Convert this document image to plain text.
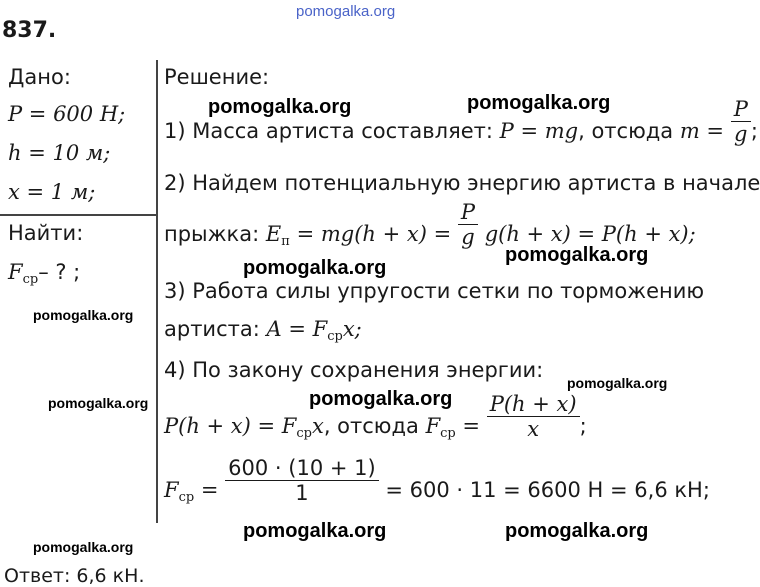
pomogalka.org
837.
Дано:
P = 600 Н;
h = 10 м;
x = 1 м;
Найти:
$F_{ср}-$ ? ;
Решение:
1) Масса артиста составляет: P = mg, отсюда $m = \frac{P}{g}$ ;
2) Найдем потенциальную энергию артиста в начале
прыжка: $E_п = mg(h + x) = \frac{P}{g} g(h + x) = P(h + x)$;
3) Работа силы упругости сетки по торможению
артиста: $A = F_{ср}x$;
4) По закону сохранения энергии:
$P(h + x) = F_{ср}x$, отсюда $F_{ср} = \frac{P(h + x)}{x}$ ;
$F_{ср} = \frac{600 \cdot (10 + 1)}{1} = 600 \cdot 11 = 6600$ Н = 6,6 кН;
Ответ: 6,6 кН.
pomogalka.org	pomogalka.org
pomogalka.org
pomogalka.org
pomogalka.org
pomogalka.org
pomogalka.org
pomogalka.org
pomogalka.org	pomogalka.org
pomogalka.org
